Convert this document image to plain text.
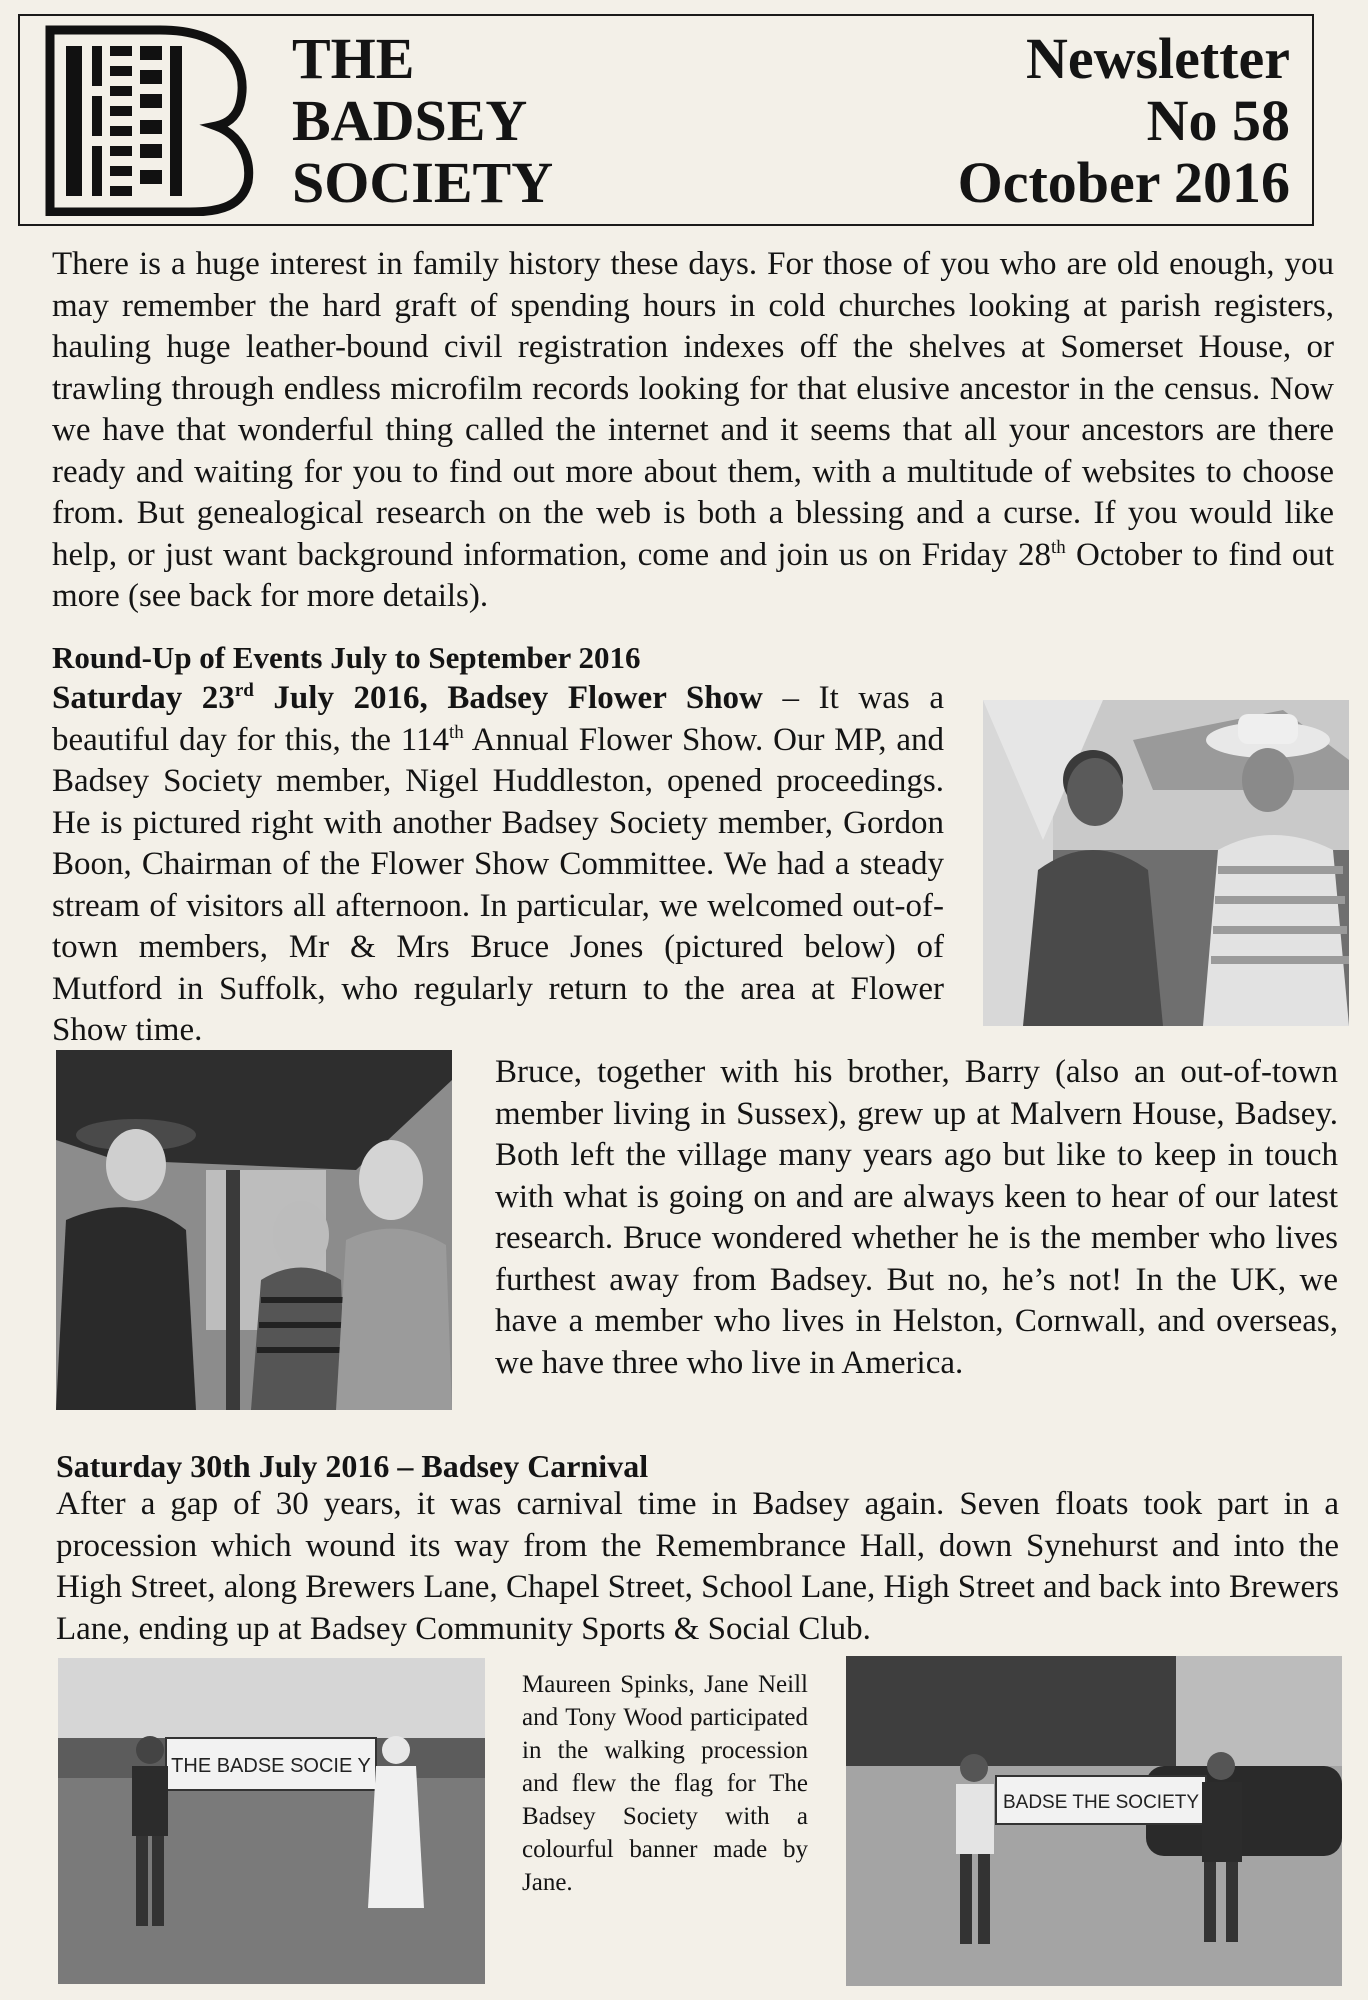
THE
BADSEY
SOCIETY
Newsletter
No 58
October 2016

There is a huge interest in family history these days. For those of you who are old enough, you may remember the hard graft of spending hours in cold churches looking at parish registers, hauling huge leather-bound civil registration indexes off the shelves at Somerset House, or trawling through endless microfilm records looking for that elusive ancestor in the census. Now we have that wonderful thing called the internet and it seems that all your ancestors are there ready and waiting for you to find out more about them, with a multitude of websites to choose from. But genealogical research on the web is both a blessing and a curse. If you would like help, or just want background information, come and join us on Friday 28th October to find out more (see back for more details).

Round-Up of Events July to September 2016

Saturday 23rd July 2016, Badsey Flower Show – It was a beautiful day for this, the 114th Annual Flower Show. Our MP, and Badsey Society member, Nigel Huddleston, opened proceedings. He is pictured right with another Badsey Society member, Gordon Boon, Chairman of the Flower Show Committee. We had a steady stream of visitors all afternoon. In particular, we welcomed out-of-town members, Mr & Mrs Bruce Jones (pictured below) of Mutford in Suffolk, who regularly return to the area at Flower Show time.

Bruce, together with his brother, Barry (also an out-of-town member living in Sussex), grew up at Malvern House, Badsey. Both left the village many years ago but like to keep in touch with what is going on and are always keen to hear of our latest research. Bruce wondered whether he is the member who lives furthest away from Badsey. But no, he’s not! In the UK, we have a member who lives in Helston, Cornwall, and overseas, we have three who live in America.

Saturday 30th July 2016 – Badsey Carnival

After a gap of 30 years, it was carnival time in Badsey again. Seven floats took part in a procession which wound its way from the Remembrance Hall, down Synehurst and into the High Street, along Brewers Lane, Chapel Street, School Lane, High Street and back into Brewers Lane, ending up at Badsey Community Sports & Social Club.

THE BADSE SOCIE Y

Maureen Spinks, Jane Neill and Tony Wood participated in the walking procession and flew the flag for The Badsey Society with a colourful banner made by Jane.

BADSE THE SOCIETY
